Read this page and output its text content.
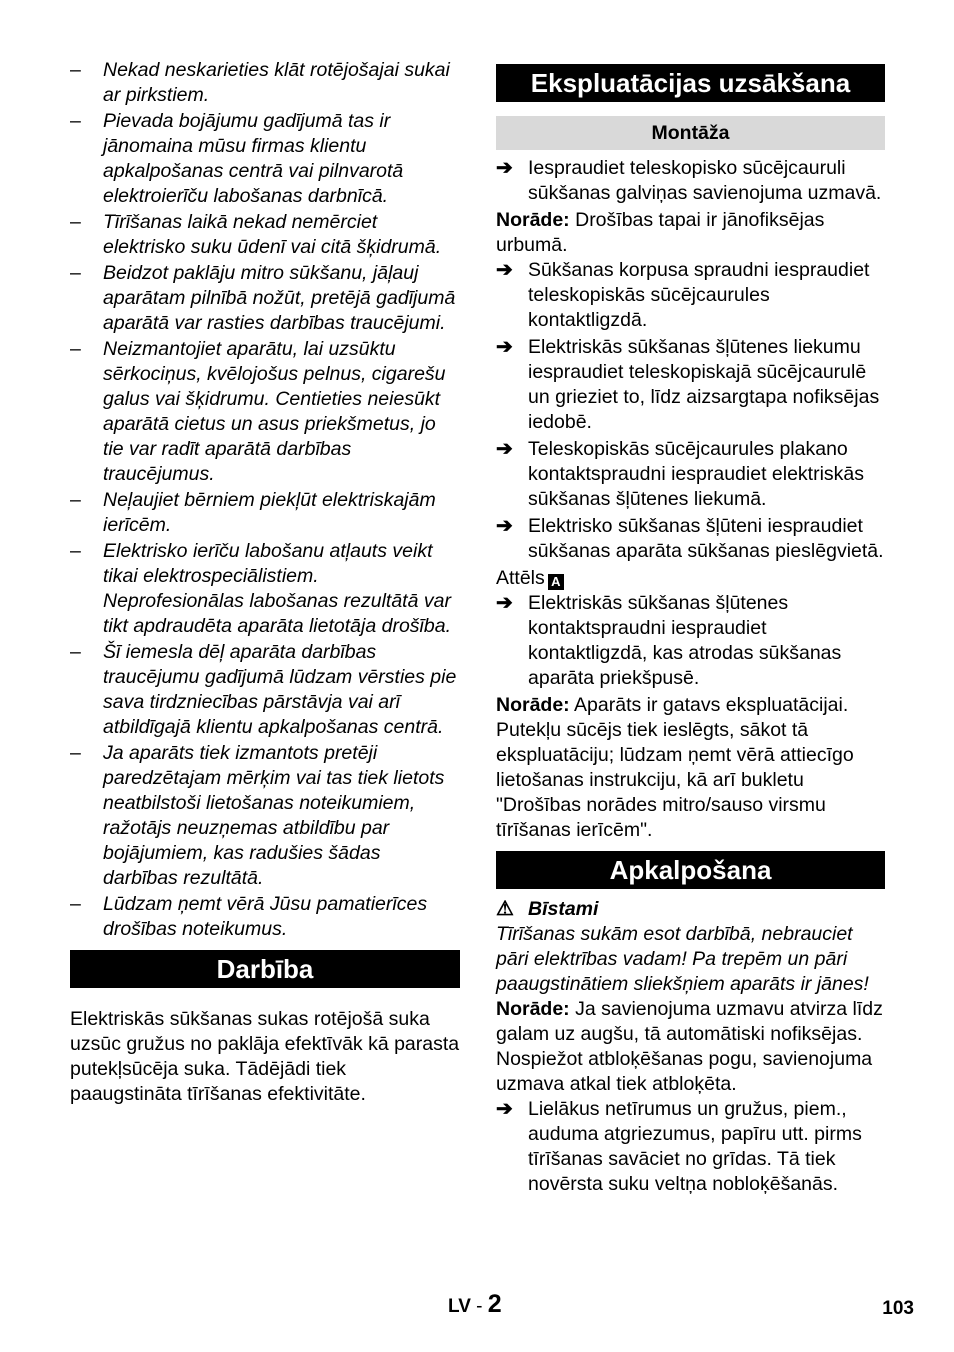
–	Nekad neskarieties klāt rotējošajai sukai ar pirkstiem.
–	Pievada bojājumu gadījumā tas ir jānomaina mūsu firmas klientu apkalpošanas centrā vai pilnvarotā elektroierīču labošanas darbnīcā.
–	Tīrīšanas laikā nekad nemērciet elektrisko suku ūdenī vai citā šķidrumā.
–	Beidzot paklāju mitro sūkšanu, jāļauj aparātam pilnībā nožūt, pretējā gadījumā aparātā var rasties darbības traucējumi.
–	Neizmantojiet aparātu, lai uzsūktu sērkociņus, kvēlojošus pelnus, cigarešu galus vai šķidrumu. Centieties neiesūkt aparātā cietus un asus priekšmetus, jo tie var radīt aparātā darbības traucējumus.
–	Neļaujiet bērniem piekļūt elektriskajām ierīcēm.
–	Elektrisko ierīču labošanu atļauts veikt tikai elektrospeciālistiem. Neprofesionālas labošanas rezultātā var tikt apdraudēta aparāta lietotāja drošība.
–	Šī iemesla dēļ aparāta darbības traucējumu gadījumā lūdzam vērsties pie sava tirdzniecības pārstāvja vai arī atbildīgajā klientu apkalpošanas centrā.
–	Ja aparāts tiek izmantots pretēji paredzētajam mērķim vai tas tiek lietots neatbilstoši lietošanas noteikumiem, ražotājs neuzņemas atbildību par bojājumiem, kas radušies šādas darbības rezultātā.
–	Lūdzam ņemt vērā Jūsu pamatierīces drošības noteikumus.
Darbība

Elektriskās sūkšanas sukas rotējošā suka uzsūc gružus no paklāja efektīvāk kā parasta putekļsūcēja suka. Tādējādi tiek paaugstināta tīrīšanas efektivitāte.

Ekspluatācijas uzsākšana
Montāža
➔ Iespraudiet teleskopisko sūcējcauruli sūkšanas galviņas savienojuma uzmavā.

Norāde: Drošības tapai ir jānofiksējas urbumā.

➔ Sūkšanas korpusa spraudni iespraudiet teleskopiskās sūcējcaurules kontaktligzdā.
➔ Elektriskās sūkšanas šļūtenes liekumu iespraudiet teleskopiskajā sūcējcaurulē un grieziet to, līdz aizsargtapa nofiksējas iedobē.
➔ Teleskopiskās sūcējcaurules plakano kontaktspraudni iespraudiet elektriskās sūkšanas šļūtenes liekumā.
➔ Elektrisko sūkšanas šļūteni iespraudiet sūkšanas aparāta sūkšanas pieslēgvietā.

Attēls A

➔ Elektriskās sūkšanas šļūtenes kontaktspraudni iespraudiet kontaktligzdā, kas atrodas sūkšanas aparāta priekšpusē.

Norāde: Aparāts ir gatavs ekspluatācijai. Putekļu sūcējs tiek ieslēgts, sākot tā ekspluatāciju; lūdzam ņemt vērā attiecīgo lietošanas instrukciju, kā arī bukletu "Drošības norādes mitro/sauso virsmu tīrīšanas ierīcēm".

Apkalpošana
⚠ Bīstami

Tīrīšanas sukām esot darbībā, nebrauciet pāri elektrības vadam! Pa trepēm un pāri paaugstinātiem sliekšņiem aparāts ir jānes!

Norāde: Ja savienojuma uzmavu atvirza līdz galam uz augšu, tā automātiski nofiksējas. Nospiežot atbloķēšanas pogu, savienojuma uzmava atkal tiek atbloķēta.

➔ Lielākus netīrumus un gružus, piem., auduma atgriezumus, papīru utt. pirms tīrīšanas savāciet no grīdas. Tā tiek novērsta suku veltņa nobloķēšanās.
LV - 2	103
